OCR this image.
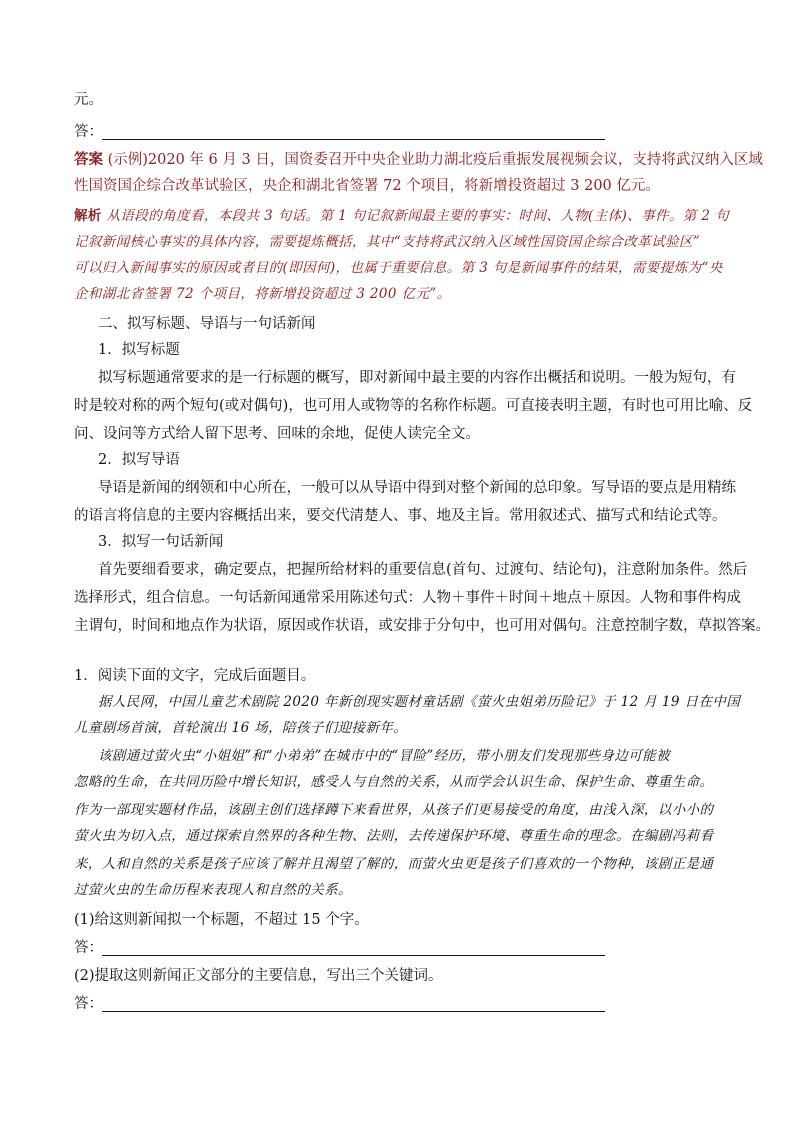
元。
答：
答案 (示例)2020 年 6 月 3 日，国资委召开中央企业助力湖北疫后重振发展视频会议，支持将武汉纳入区域
性国资国企综合改革试验区，央企和湖北省签署 72 个项目，将新增投资超过 3 200 亿元。
解析 从语段的角度看，本段共 3 句话。第 1 句记叙新闻最主要的事实：时间、人物(主体)、事件。第 2 句
记叙新闻核心事实的具体内容，需要提炼概括，其中“支持将武汉纳入区域性国资国企综合改革试验区”
可以归入新闻事实的原因或者目的(即因何)，也属于重要信息。第 3 句是新闻事件的结果，需要提炼为“央
企和湖北省签署 72 个项目，将新增投资超过 3 200 亿元”。
二、拟写标题、导语与一句话新闻
1．拟写标题
拟写标题通常要求的是一行标题的概写，即对新闻中最主要的内容作出概括和说明。一般为短句，有
时是较对称的两个短句(或对偶句)，也可用人或物等的名称作标题。可直接表明主题，有时也可用比喻、反
问、设问等方式给人留下思考、回味的余地，促使人读完全文。
2．拟写导语
导语是新闻的纲领和中心所在，一般可以从导语中得到对整个新闻的总印象。写导语的要点是用精练
的语言将信息的主要内容概括出来，要交代清楚人、事、地及主旨。常用叙述式、描写式和结论式等。
3．拟写一句话新闻
首先要细看要求，确定要点，把握所给材料的重要信息(首句、过渡句、结论句)，注意附加条件。然后
选择形式，组合信息。一句话新闻通常采用陈述句式：人物＋事件＋时间＋地点＋原因。人物和事件构成
主谓句，时间和地点作为状语，原因或作状语，或安排于分句中，也可用对偶句。注意控制字数，草拟答案。
1．阅读下面的文字，完成后面题目。
据人民网，中国儿童艺术剧院 2020 年新创现实题材童话剧《萤火虫姐弟历险记》于 12 月 19 日在中国
儿童剧场首演，首轮演出 16 场，陪孩子们迎接新年。
该剧通过萤火虫“小姐姐”和“小弟弟”在城市中的“冒险”经历，带小朋友们发现那些身边可能被
忽略的生命，在共同历险中增长知识，感受人与自然的关系，从而学会认识生命、保护生命、尊重生命。
作为一部现实题材作品，该剧主创们选择蹲下来看世界，从孩子们更易接受的角度，由浅入深，以小小的
萤火虫为切入点，通过探索自然界的各种生物、法则，去传递保护环境、尊重生命的理念。在编剧冯莉看
来，人和自然的关系是孩子应该了解并且渴望了解的，而萤火虫更是孩子们喜欢的一个物种，该剧正是通
过萤火虫的生命历程来表现人和自然的关系。
(1)给这则新闻拟一个标题，不超过 15 个字。
答：
(2)提取这则新闻正文部分的主要信息，写出三个关键词。
答：
